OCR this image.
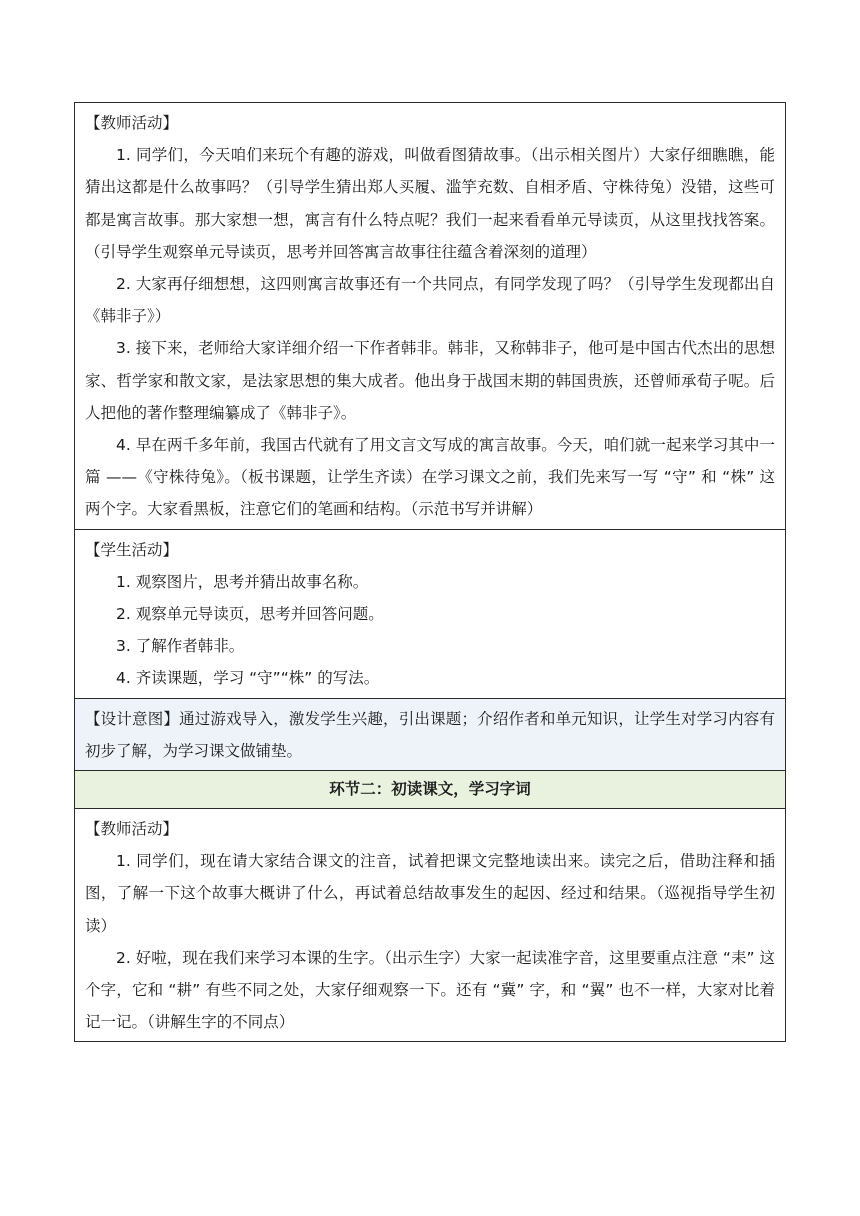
【教师活动】

1. 同学们，今天咱们来玩个有趣的游戏，叫做看图猜故事。（出示相关图片）大家仔细瞧瞧，能猜出这都是什么故事吗？（引导学生猜出郑人买履、滥竽充数、自相矛盾、守株待兔）没错，这些可都是寓言故事。那大家想一想，寓言有什么特点呢？我们一起来看看单元导读页，从这里找找答案。（引导学生观察单元导读页，思考并回答寓言故事往往蕴含着深刻的道理）

2. 大家再仔细想想，这四则寓言故事还有一个共同点，有同学发现了吗？（引导学生发现都出自《韩非子》）

3. 接下来，老师给大家详细介绍一下作者韩非。韩非，又称韩非子，他可是中国古代杰出的思想家、哲学家和散文家，是法家思想的集大成者。他出身于战国末期的韩国贵族，还曾师承荀子呢。后人把他的著作整理编纂成了《韩非子》。

4. 早在两千多年前，我国古代就有了用文言文写成的寓言故事。今天，咱们就一起来学习其中一篇 ——《守株待兔》。（板书课题，让学生齐读）在学习课文之前，我们先来写一写 “守” 和 “株” 这两个字。大家看黑板，注意它们的笔画和结构。（示范书写并讲解）

【学生活动】

1. 观察图片，思考并猜出故事名称。

2. 观察单元导读页，思考并回答问题。

3. 了解作者韩非。

4. 齐读课题，学习 “守”“株” 的写法。

【设计意图】通过游戏导入，激发学生兴趣，引出课题；介绍作者和单元知识，让学生对学习内容有初步了解，为学习课文做铺垫。

环节二：初读课文，学习字词

【教师活动】

1. 同学们，现在请大家结合课文的注音，试着把课文完整地读出来。读完之后，借助注释和插图，了解一下这个故事大概讲了什么，再试着总结故事发生的起因、经过和结果。（巡视指导学生初读）

2. 好啦，现在我们来学习本课的生字。（出示生字）大家一起读准字音，这里要重点注意 “耒” 这个字，它和 “耕” 有些不同之处，大家仔细观察一下。还有 “冀” 字，和 “翼” 也不一样，大家对比着记一记。（讲解生字的不同点）
